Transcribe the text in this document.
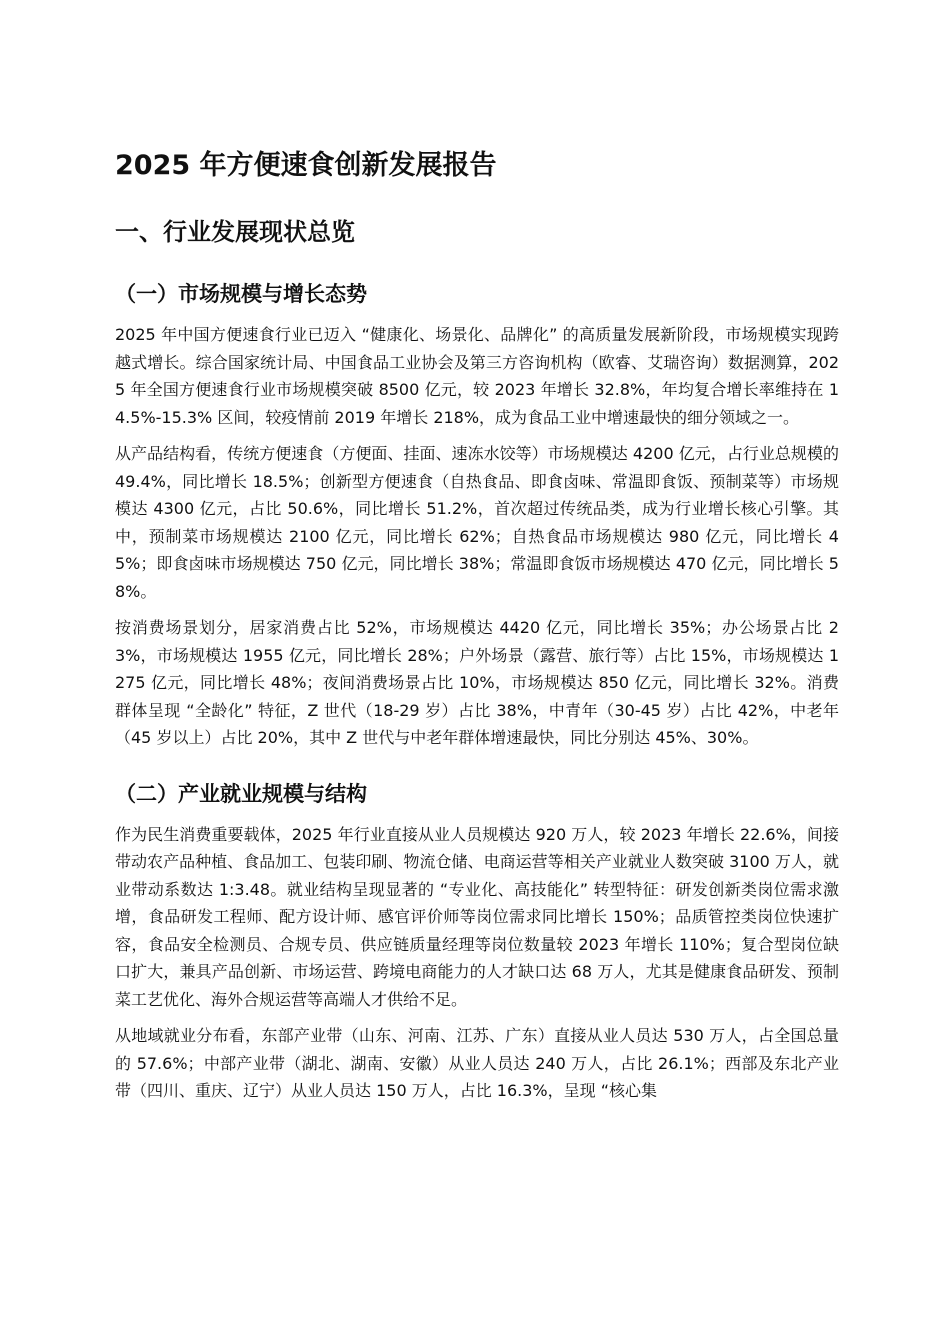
2025 年方便速食创新发展报告
一、行业发展现状总览
（一）市场规模与增长态势

2025 年中国方便速食行业已迈入 “健康化、场景化、品牌化” 的高质量发展新阶段，市场规模实现跨越式增长。综合国家统计局、中国食品工业协会及第三方咨询机构（欧睿、艾瑞咨询）数据测算，2025 年全国方便速食行业市场规模突破 8500 亿元，较 2023 年增长 32.8%，年均复合增长率维持在 14.5%-15.3% 区间，较疫情前 2019 年增长 218%，成为食品工业中增速最快的细分领域之一。

从产品结构看，传统方便速食（方便面、挂面、速冻水饺等）市场规模达 4200 亿元，占行业总规模的 49.4%，同比增长 18.5%；创新型方便速食（自热食品、即食卤味、常温即食饭、预制菜等）市场规模达 4300 亿元，占比 50.6%，同比增长 51.2%，首次超过传统品类，成为行业增长核心引擎。其中，预制菜市场规模达 2100 亿元，同比增长 62%；自热食品市场规模达 980 亿元，同比增长 45%；即食卤味市场规模达 750 亿元，同比增长 38%；常温即食饭市场规模达 470 亿元，同比增长 58%。

按消费场景划分，居家消费占比 52%，市场规模达 4420 亿元，同比增长 35%；办公场景占比 23%，市场规模达 1955 亿元，同比增长 28%；户外场景（露营、旅行等）占比 15%，市场规模达 1275 亿元，同比增长 48%；夜间消费场景占比 10%，市场规模达 850 亿元，同比增长 32%。消费群体呈现 “全龄化” 特征，Z 世代（18-29 岁）占比 38%，中青年（30-45 岁）占比 42%，中老年（45 岁以上）占比 20%，其中 Z 世代与中老年群体增速最快，同比分别达 45%、30%。

（二）产业就业规模与结构

作为民生消费重要载体，2025 年行业直接从业人员规模达 920 万人，较 2023 年增长 22.6%，间接带动农产品种植、食品加工、包装印刷、物流仓储、电商运营等相关产业就业人数突破 3100 万人，就业带动系数达 1:3.48。就业结构呈现显著的 “专业化、高技能化” 转型特征：研发创新类岗位需求激增，食品研发工程师、配方设计师、感官评价师等岗位需求同比增长 150%；品质管控类岗位快速扩容，食品安全检测员、合规专员、供应链质量经理等岗位数量较 2023 年增长 110%；复合型岗位缺口扩大，兼具产品创新、市场运营、跨境电商能力的人才缺口达 68 万人，尤其是健康食品研发、预制菜工艺优化、海外合规运营等高端人才供给不足。

从地域就业分布看，东部产业带（山东、河南、江苏、广东）直接从业人员达 530 万人，占全国总量的 57.6%；中部产业带（湖北、湖南、安徽）从业人员达 240 万人，占比 26.1%；西部及东北产业带（四川、重庆、辽宁）从业人员达 150 万人，占比 16.3%，呈现 “核心集
